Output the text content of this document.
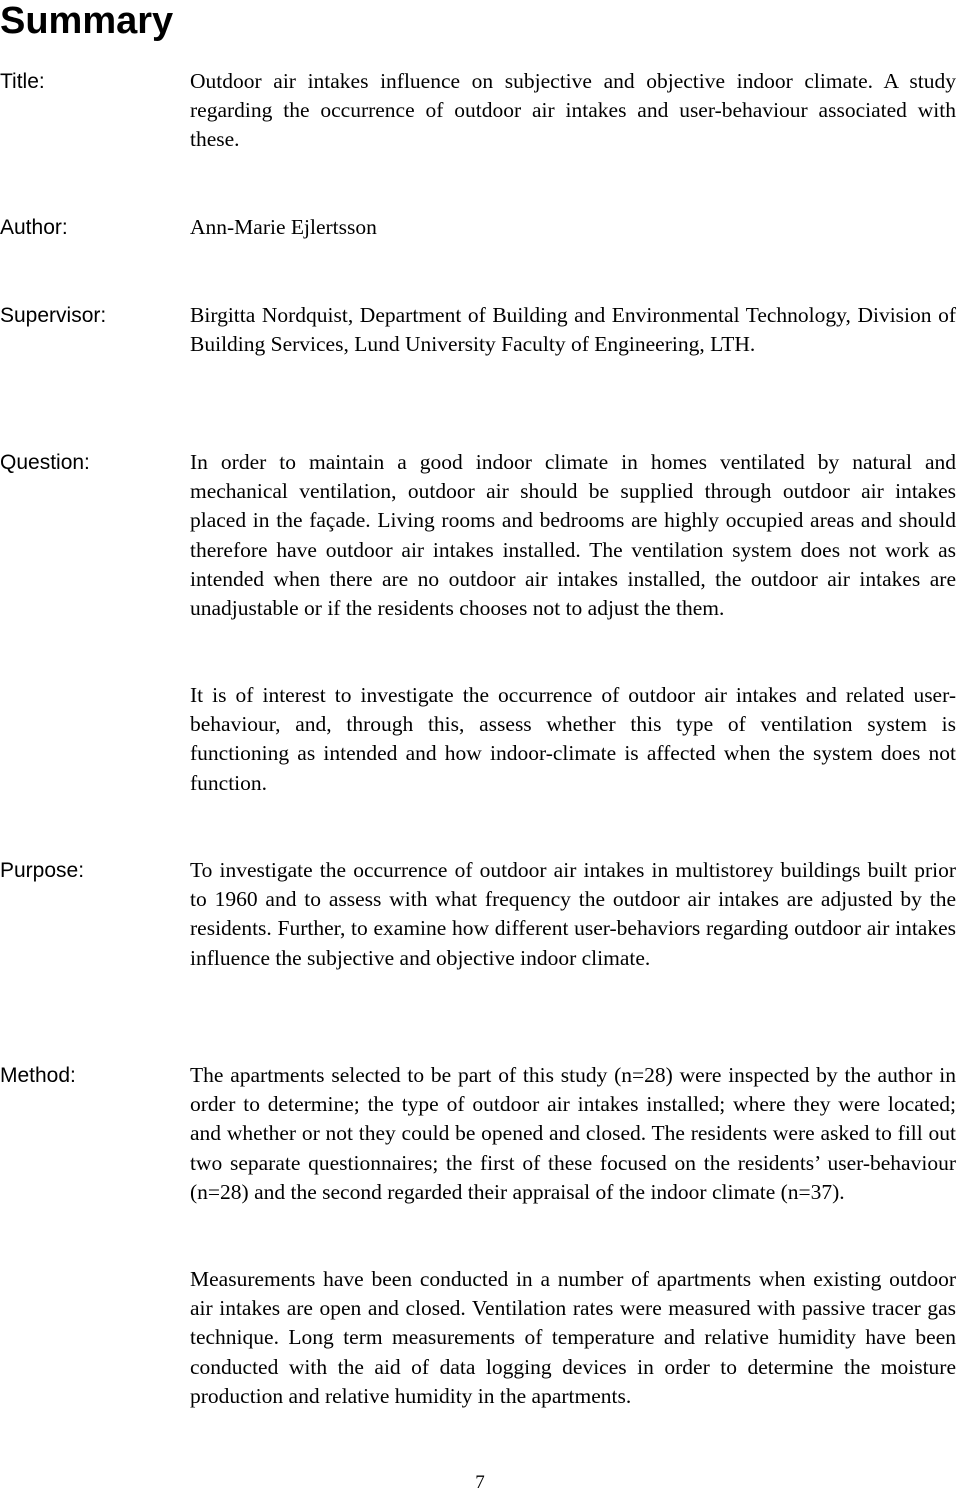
Summary
Title:	Outdoor air intakes influence on subjective and objective indoor climate. A study regarding the occurrence of outdoor air intakes and user-behaviour associated with these.

Author:	Ann-Marie Ejlertsson

Supervisor:	Birgitta Nordquist, Department of Building and Environmental Technology, Division of Building Services, Lund University Faculty of Engineering, LTH.

Question:	In order to maintain a good indoor climate in homes ventilated by natural and mechanical ventilation, outdoor air should be supplied through outdoor air intakes placed in the façade. Living rooms and bedrooms are highly occupied areas and should therefore have outdoor air intakes installed. The ventilation system does not work as intended when there are no outdoor air intakes installed, the outdoor air intakes are unadjustable or if the residents chooses not to adjust the them.

It is of interest to investigate the occurrence of outdoor air intakes and related user-behaviour, and, through this, assess whether this type of ventilation system is functioning as intended and how indoor-climate is affected when the system does not function.

Purpose:	To investigate the occurrence of outdoor air intakes in multistorey buildings built prior to 1960 and to assess with what frequency the outdoor air intakes are adjusted by the residents. Further, to examine how different user-behaviors regarding outdoor air intakes influence the subjective and objective indoor climate.

Method:	The apartments selected to be part of this study (n=28) were inspected by the author in order to determine; the type of outdoor air intakes installed; where they were located; and whether or not they could be opened and closed. The residents were asked to fill out two separate questionnaires; the first of these focused on the residents’ user-behaviour (n=28) and the second regarded their appraisal of the indoor climate (n=37).

Measurements have been conducted in a number of apartments when existing outdoor air intakes are open and closed. Ventilation rates were measured with passive tracer gas technique. Long term measurements of temperature and relative humidity have been conducted with the aid of data logging devices in order to determine the moisture production and relative humidity in the apartments.

7
